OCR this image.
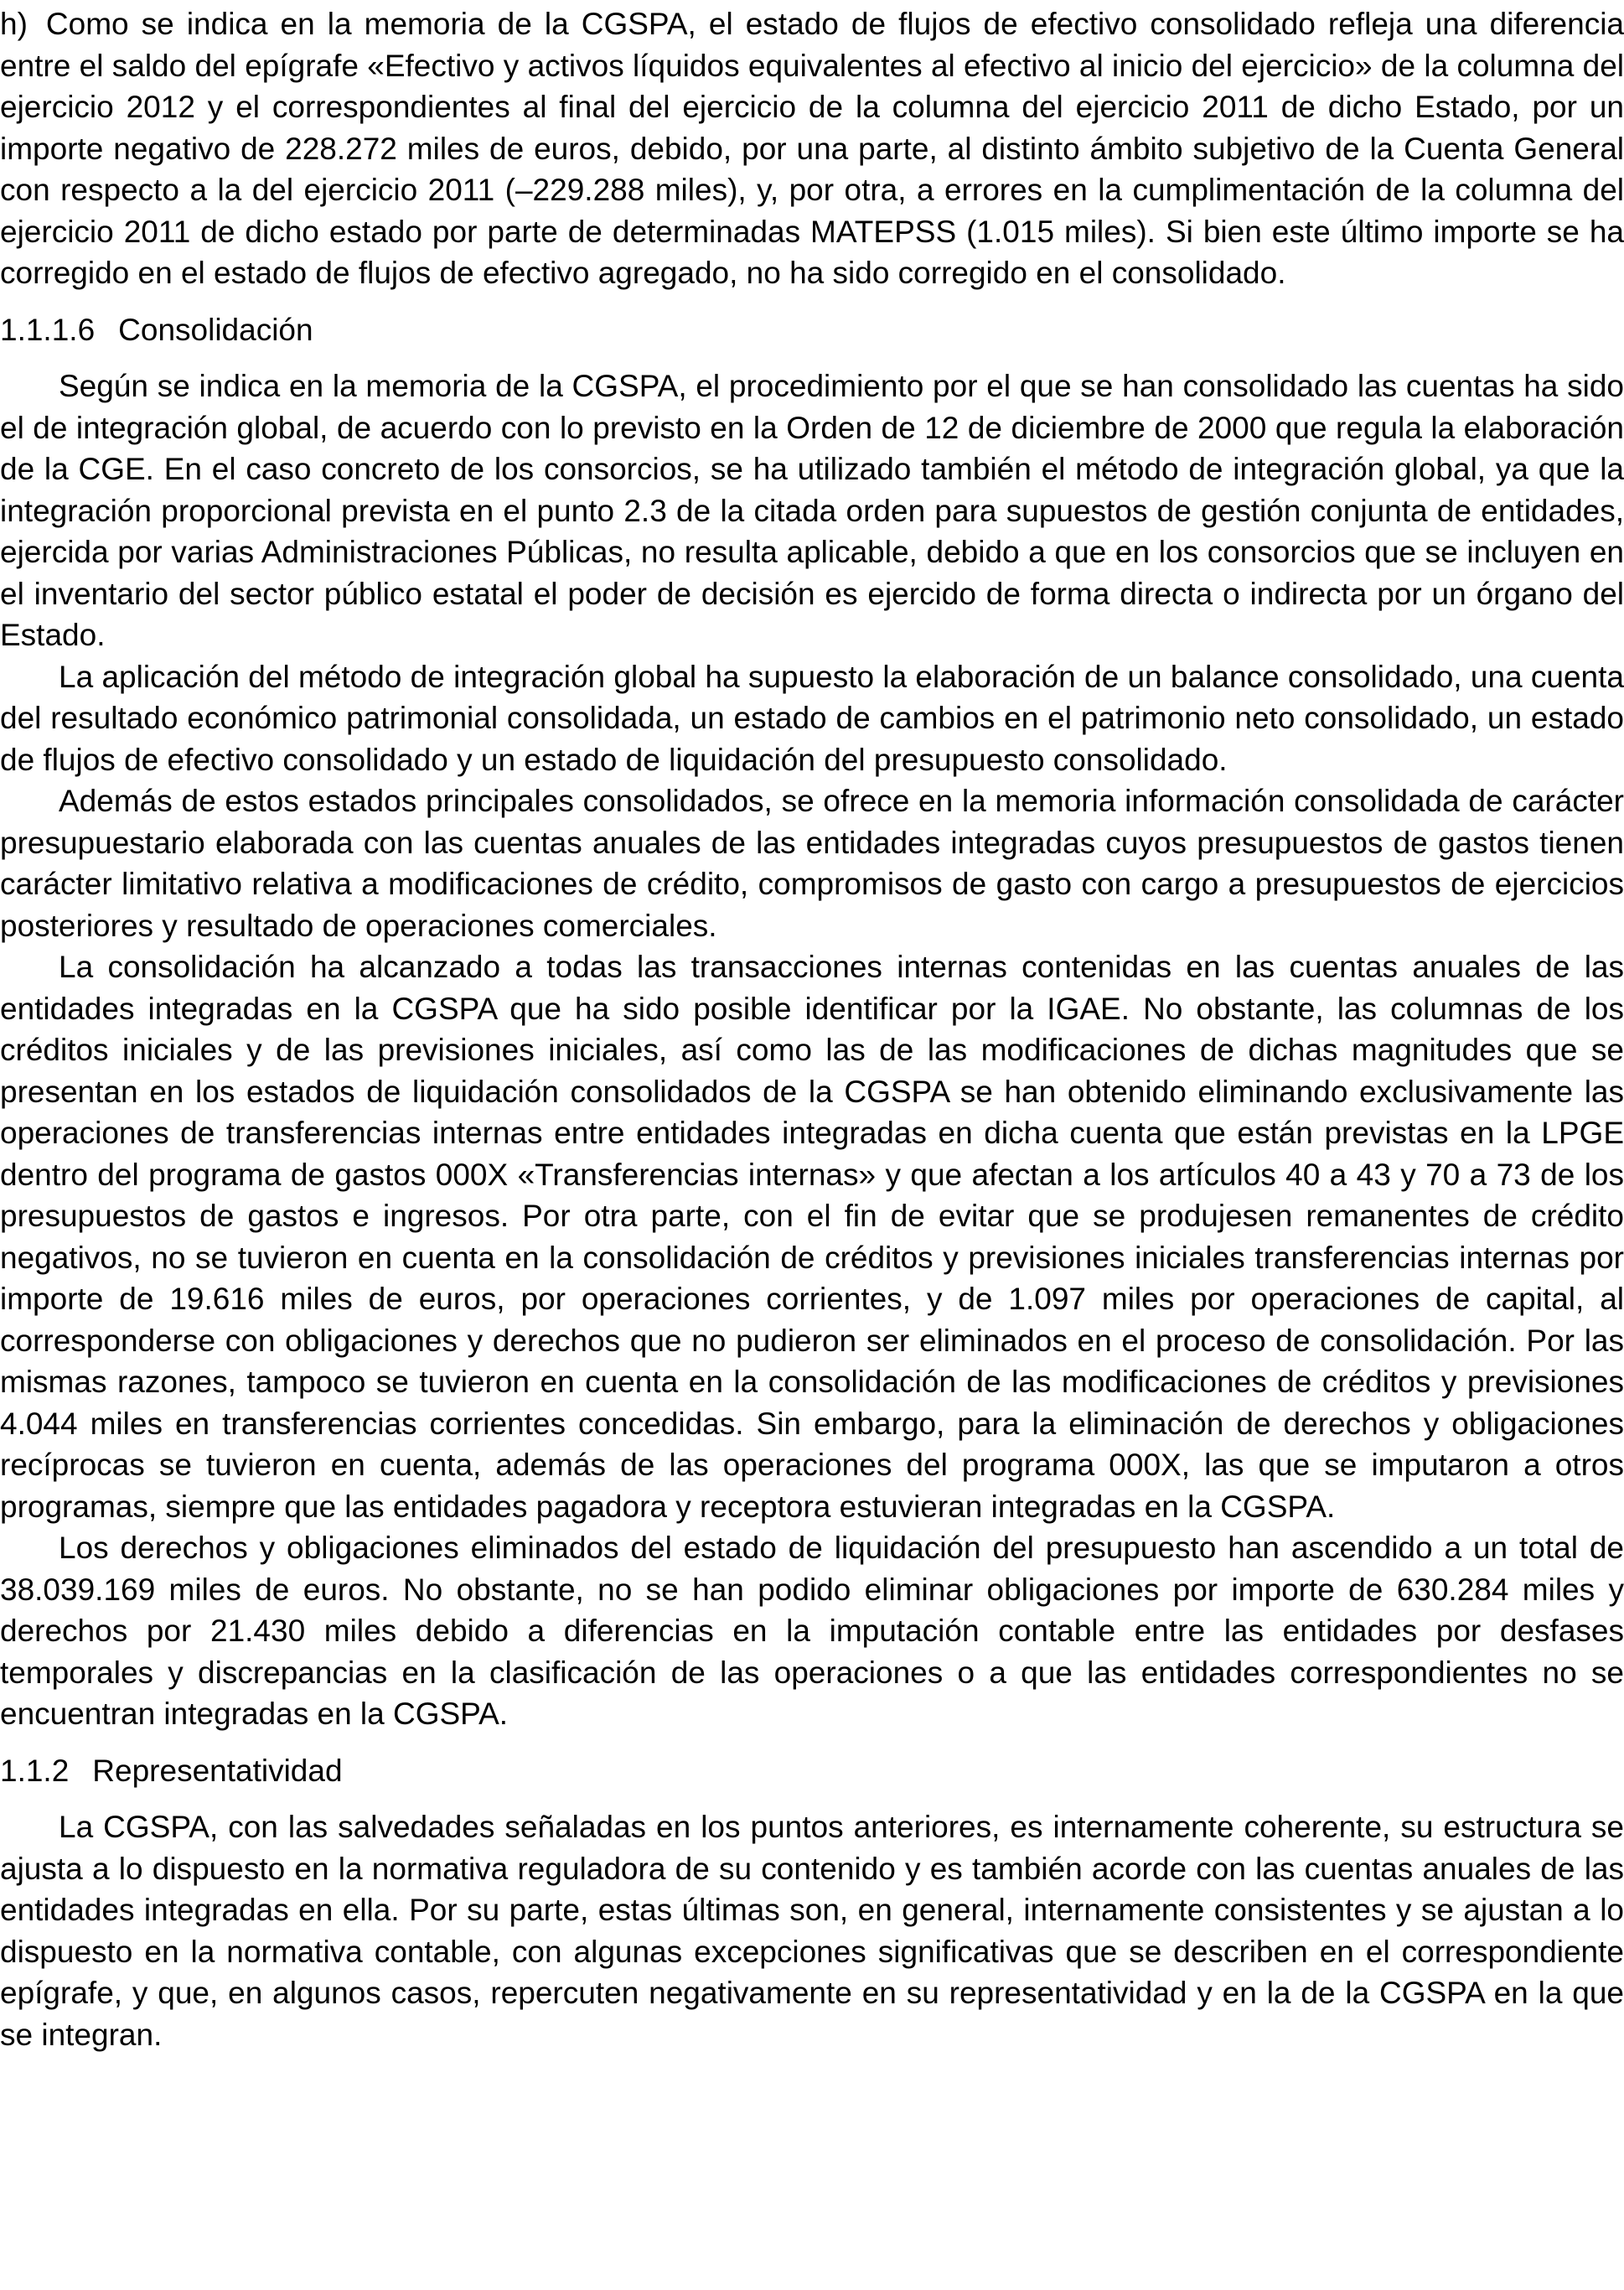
h) Como se indica en la memoria de la CGSPA, el estado de flujos de efectivo consolidado refleja una diferencia entre el saldo del epígrafe «Efectivo y activos líquidos equivalentes al efectivo al inicio del ejercicio» de la columna del ejercicio 2012 y el correspondientes al final del ejercicio de la columna del ejercicio 2011 de dicho Estado, por un importe negativo de 228.272 miles de euros, debido, por una parte, al distinto ámbito subjetivo de la Cuenta General con respecto a la del ejercicio 2011 (–229.288 miles), y, por otra, a errores en la cumplimentación de la columna del ejercicio 2011 de dicho estado por parte de determinadas MATEPSS (1.015 miles). Si bien este último importe se ha corregido en el estado de flujos de efectivo agregado, no ha sido corregido en el consolidado.

1.1.1.6 Consolidación

Según se indica en la memoria de la CGSPA, el procedimiento por el que se han consolidado las cuentas ha sido el de integración global, de acuerdo con lo previsto en la Orden de 12 de diciembre de 2000 que regula la elaboración de la CGE. En el caso concreto de los consorcios, se ha utilizado también el método de integración global, ya que la integración proporcional prevista en el punto 2.3 de la citada orden para supuestos de gestión conjunta de entidades, ejercida por varias Administraciones Públicas, no resulta aplicable, debido a que en los consorcios que se incluyen en el inventario del sector público estatal el poder de decisión es ejercido de forma directa o indirecta por un órgano del Estado.

La aplicación del método de integración global ha supuesto la elaboración de un balance consolidado, una cuenta del resultado económico patrimonial consolidada, un estado de cambios en el patrimonio neto consolidado, un estado de flujos de efectivo consolidado y un estado de liquidación del presupuesto consolidado.

Además de estos estados principales consolidados, se ofrece en la memoria información consolidada de carácter presupuestario elaborada con las cuentas anuales de las entidades integradas cuyos presupuestos de gastos tienen carácter limitativo relativa a modificaciones de crédito, compromisos de gasto con cargo a presupuestos de ejercicios posteriores y resultado de operaciones comerciales.

La consolidación ha alcanzado a todas las transacciones internas contenidas en las cuentas anuales de las entidades integradas en la CGSPA que ha sido posible identificar por la IGAE. No obstante, las columnas de los créditos iniciales y de las previsiones iniciales, así como las de las modificaciones de dichas magnitudes que se presentan en los estados de liquidación consolidados de la CGSPA se han obtenido eliminando exclusivamente las operaciones de transferencias internas entre entidades integradas en dicha cuenta que están previstas en la LPGE dentro del programa de gastos 000X «Transferencias internas» y que afectan a los artículos 40 a 43 y 70 a 73 de los presupuestos de gastos e ingresos. Por otra parte, con el fin de evitar que se produjesen remanentes de crédito negativos, no se tuvieron en cuenta en la consolidación de créditos y previsiones iniciales transferencias internas por importe de 19.616 miles de euros, por operaciones corrientes, y de 1.097 miles por operaciones de capital, al corresponderse con obligaciones y derechos que no pudieron ser eliminados en el proceso de consolidación. Por las mismas razones, tampoco se tuvieron en cuenta en la consolidación de las modificaciones de créditos y previsiones 4.044 miles en transferencias corrientes concedidas. Sin embargo, para la eliminación de derechos y obligaciones recíprocas se tuvieron en cuenta, además de las operaciones del programa 000X, las que se imputaron a otros programas, siempre que las entidades pagadora y receptora estuvieran integradas en la CGSPA.

Los derechos y obligaciones eliminados del estado de liquidación del presupuesto han ascendido a un total de 38.039.169 miles de euros. No obstante, no se han podido eliminar obligaciones por importe de 630.284 miles y derechos por 21.430 miles debido a diferencias en la imputación contable entre las entidades por desfases temporales y discrepancias en la clasificación de las operaciones o a que las entidades correspondientes no se encuentran integradas en la CGSPA.

1.1.2 Representatividad

La CGSPA, con las salvedades señaladas en los puntos anteriores, es internamente coherente, su estructura se ajusta a lo dispuesto en la normativa reguladora de su contenido y es también acorde con las cuentas anuales de las entidades integradas en ella. Por su parte, estas últimas son, en general, internamente consistentes y se ajustan a lo dispuesto en la normativa contable, con algunas excepciones significativas que se describen en el correspondiente epígrafe, y que, en algunos casos, repercuten negativamente en su representatividad y en la de la CGSPA en la que se integran.
